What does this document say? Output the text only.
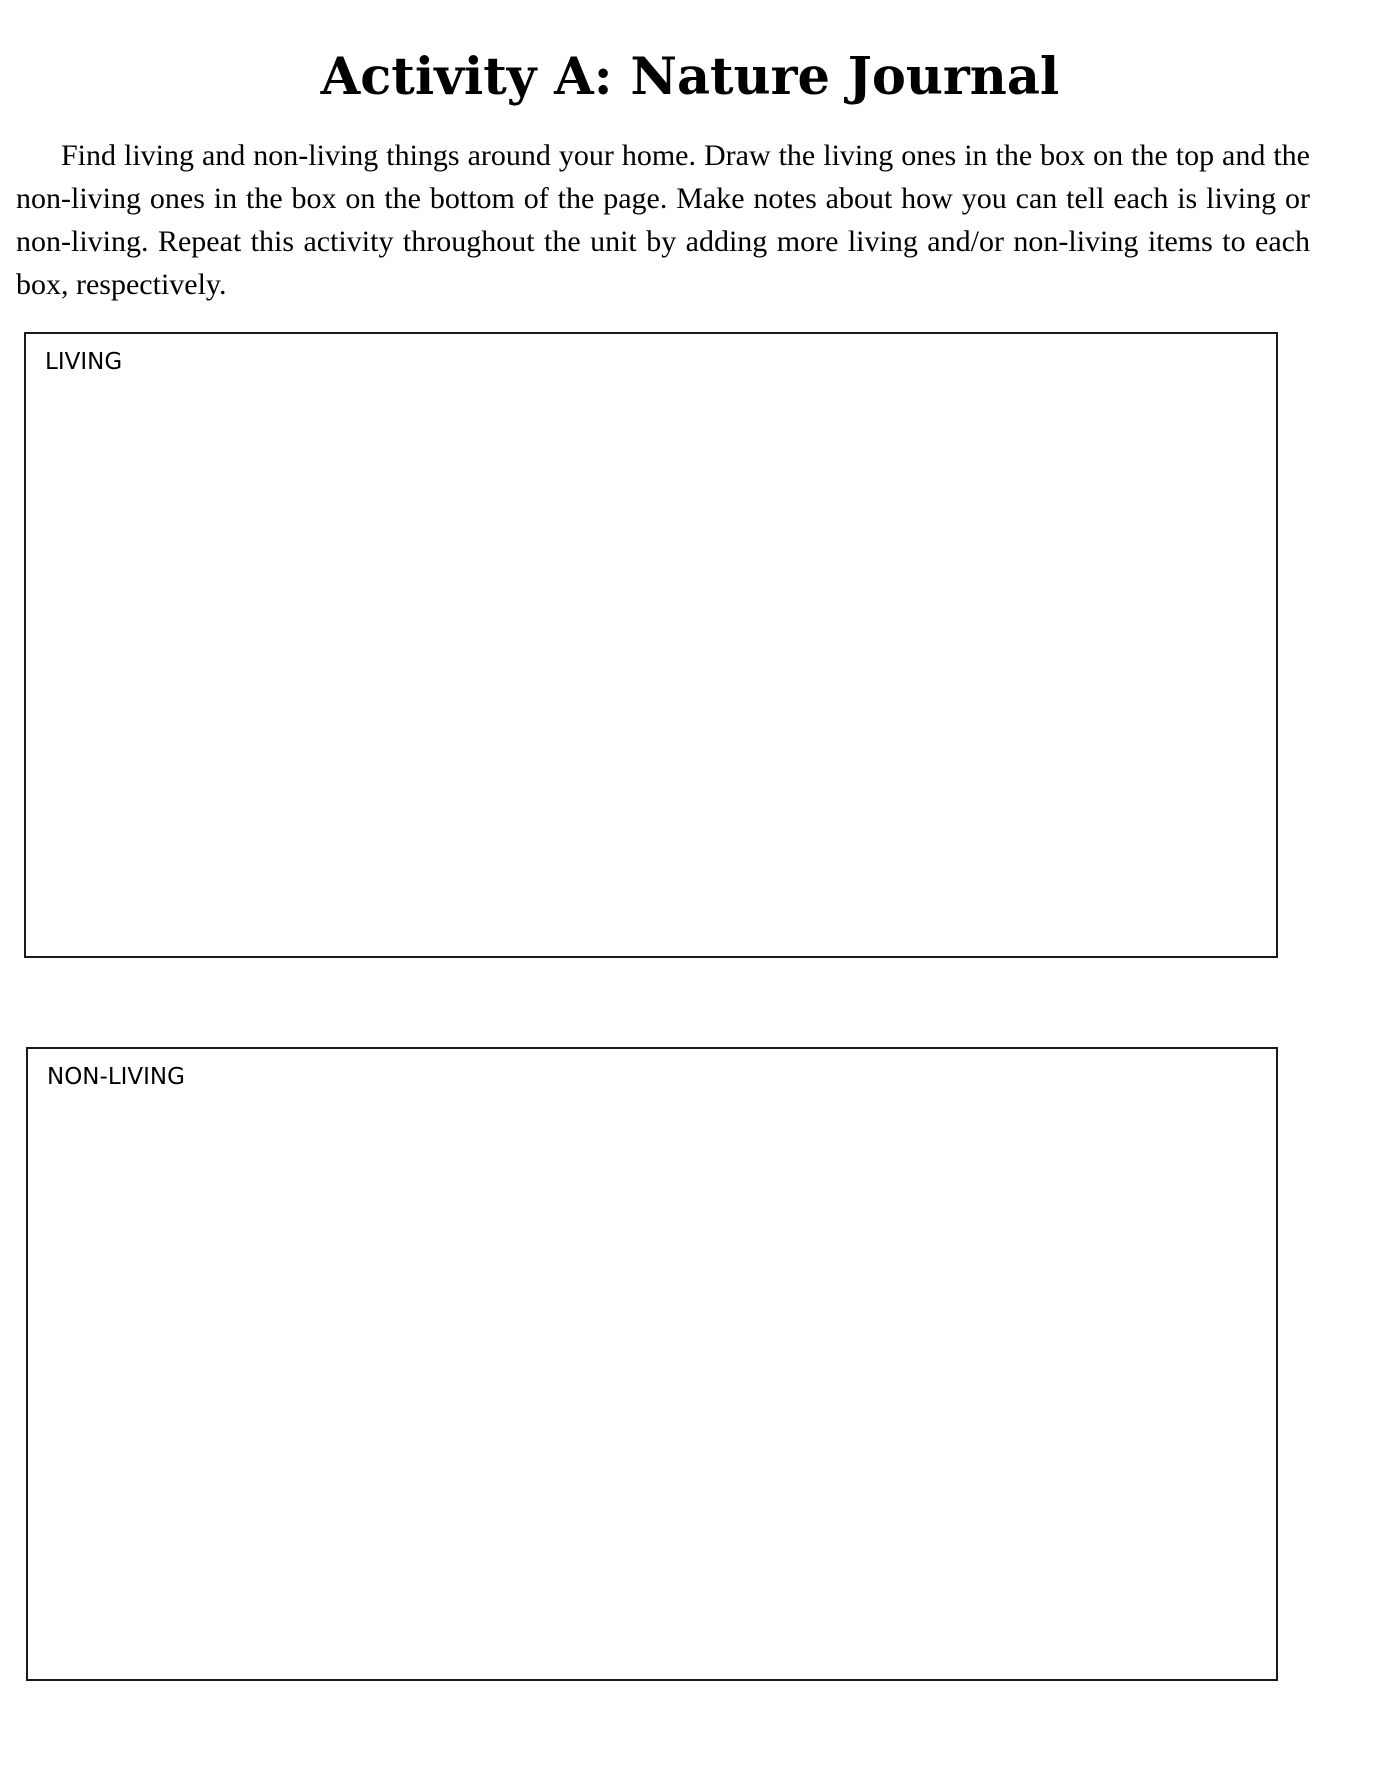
Activity A: Nature Journal

Find living and non-living things around your home. Draw the living ones in the box on the top and the non-living ones in the box on the bottom of the page. Make notes about how you can tell each is living or non-living. Repeat this activity throughout the unit by adding more living and/or non-living items to each box, respectively.

LIVING
NON-LIVING
